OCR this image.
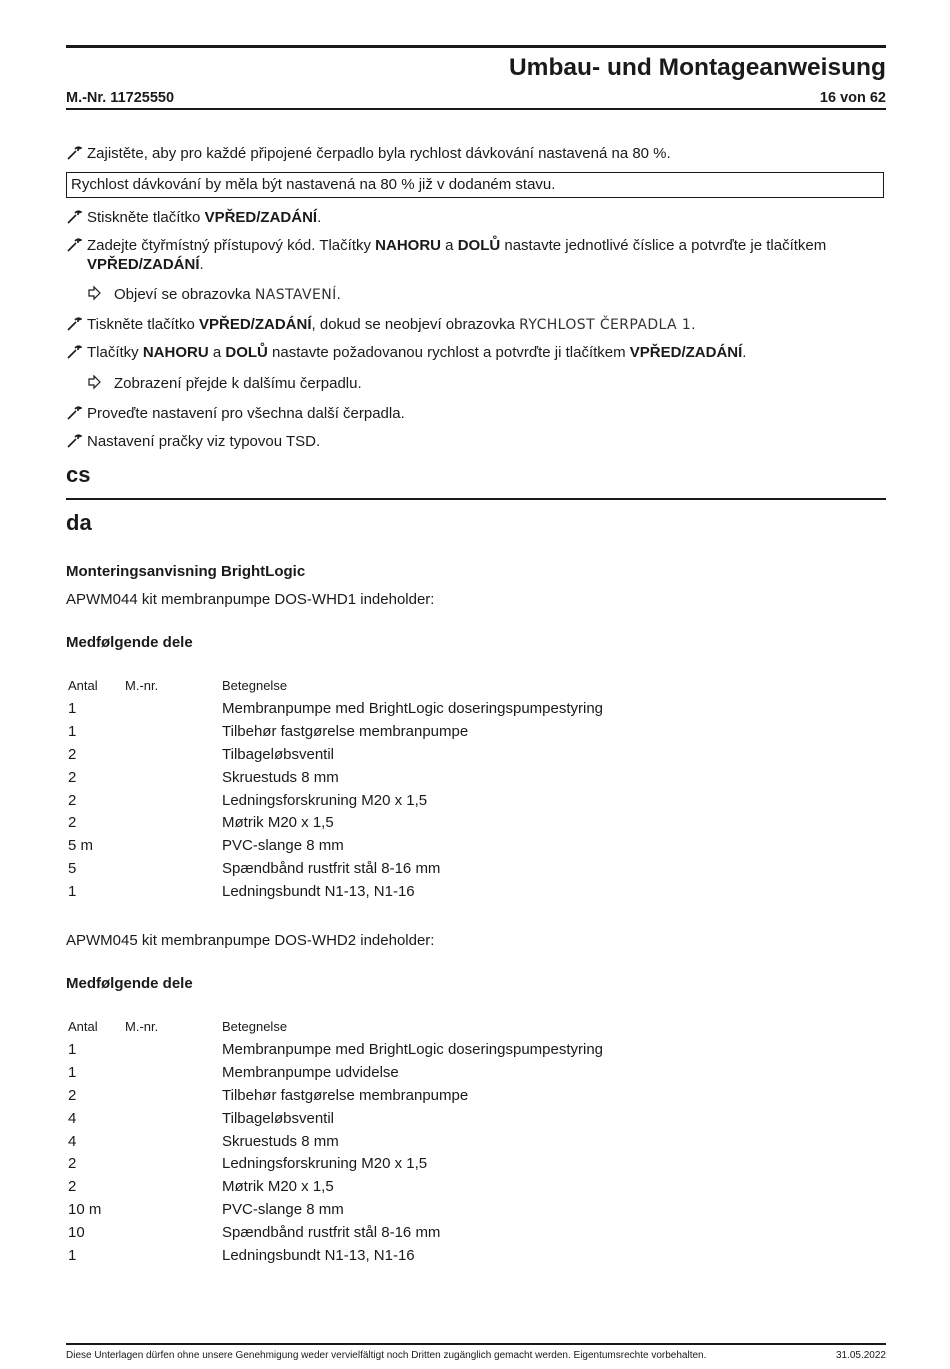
Umbau- und Montageanweisung
M.-Nr. 11725550	16 von 62
Zajistěte, aby pro každé připojené čerpadlo byla rychlost dávkování nastavená na 80 %.
Rychlost dávkování by měla být nastavená na 80 % již v dodaném stavu.
Stiskněte tlačítko VPŘED/ZADÁNÍ.
Zadejte čtyřmístný přístupový kód. Tlačítky NAHORU a DOLŮ nastavte jednotlivé číslice a potvrďte je tlačítkem VPŘED/ZADÁNÍ.
Objeví se obrazovka NASTAVENÍ.
Tiskněte tlačítko VPŘED/ZADÁNÍ, dokud se neobjeví obrazovka RYCHLOST ČERPADLA 1.
Tlačítky NAHORU a DOLŮ nastavte požadovanou rychlost a potvrďte ji tlačítkem VPŘED/ZADÁNÍ.
Zobrazení přejde k dalšímu čerpadlu.
Proveďte nastavení pro všechna další čerpadla.
Nastavení pračky viz typovou TSD.
cs
da
Monteringsanvisning BrightLogic
APWM044 kit membranpumpe DOS-WHD1 indeholder:
Medfølgende dele
Antal M.-nr.	Betegnelse
1	Membranpumpe med BrightLogic doseringspumpestyring
1	Tilbehør fastgørelse membranpumpe
2	Tilbageløbsventil
2	Skruestuds 8 mm
2	Ledningsforskruning M20 x 1,5
2	Møtrik M20 x 1,5
5 m	PVC-slange 8 mm
5	Spændbånd rustfrit stål 8-16 mm
1	Ledningsbundt N1-13, N1-16
APWM045 kit membranpumpe DOS-WHD2 indeholder:
Medfølgende dele
Antal M.-nr.	Betegnelse
1	Membranpumpe med BrightLogic doseringspumpestyring
1	Membranpumpe udvidelse
2	Tilbehør fastgørelse membranpumpe
4	Tilbageløbsventil
4	Skruestuds 8 mm
2	Ledningsforskruning M20 x 1,5
2	Møtrik M20 x 1,5
10 m	PVC-slange 8 mm
10	Spændbånd rustfrit stål 8-16 mm
1	Ledningsbundt N1-13, N1-16
Diese Unterlagen dürfen ohne unsere Genehmigung weder vervielfältigt noch Dritten zugänglich gemacht werden. Eigentumsrechte vorbehalten.	31.05.2022
